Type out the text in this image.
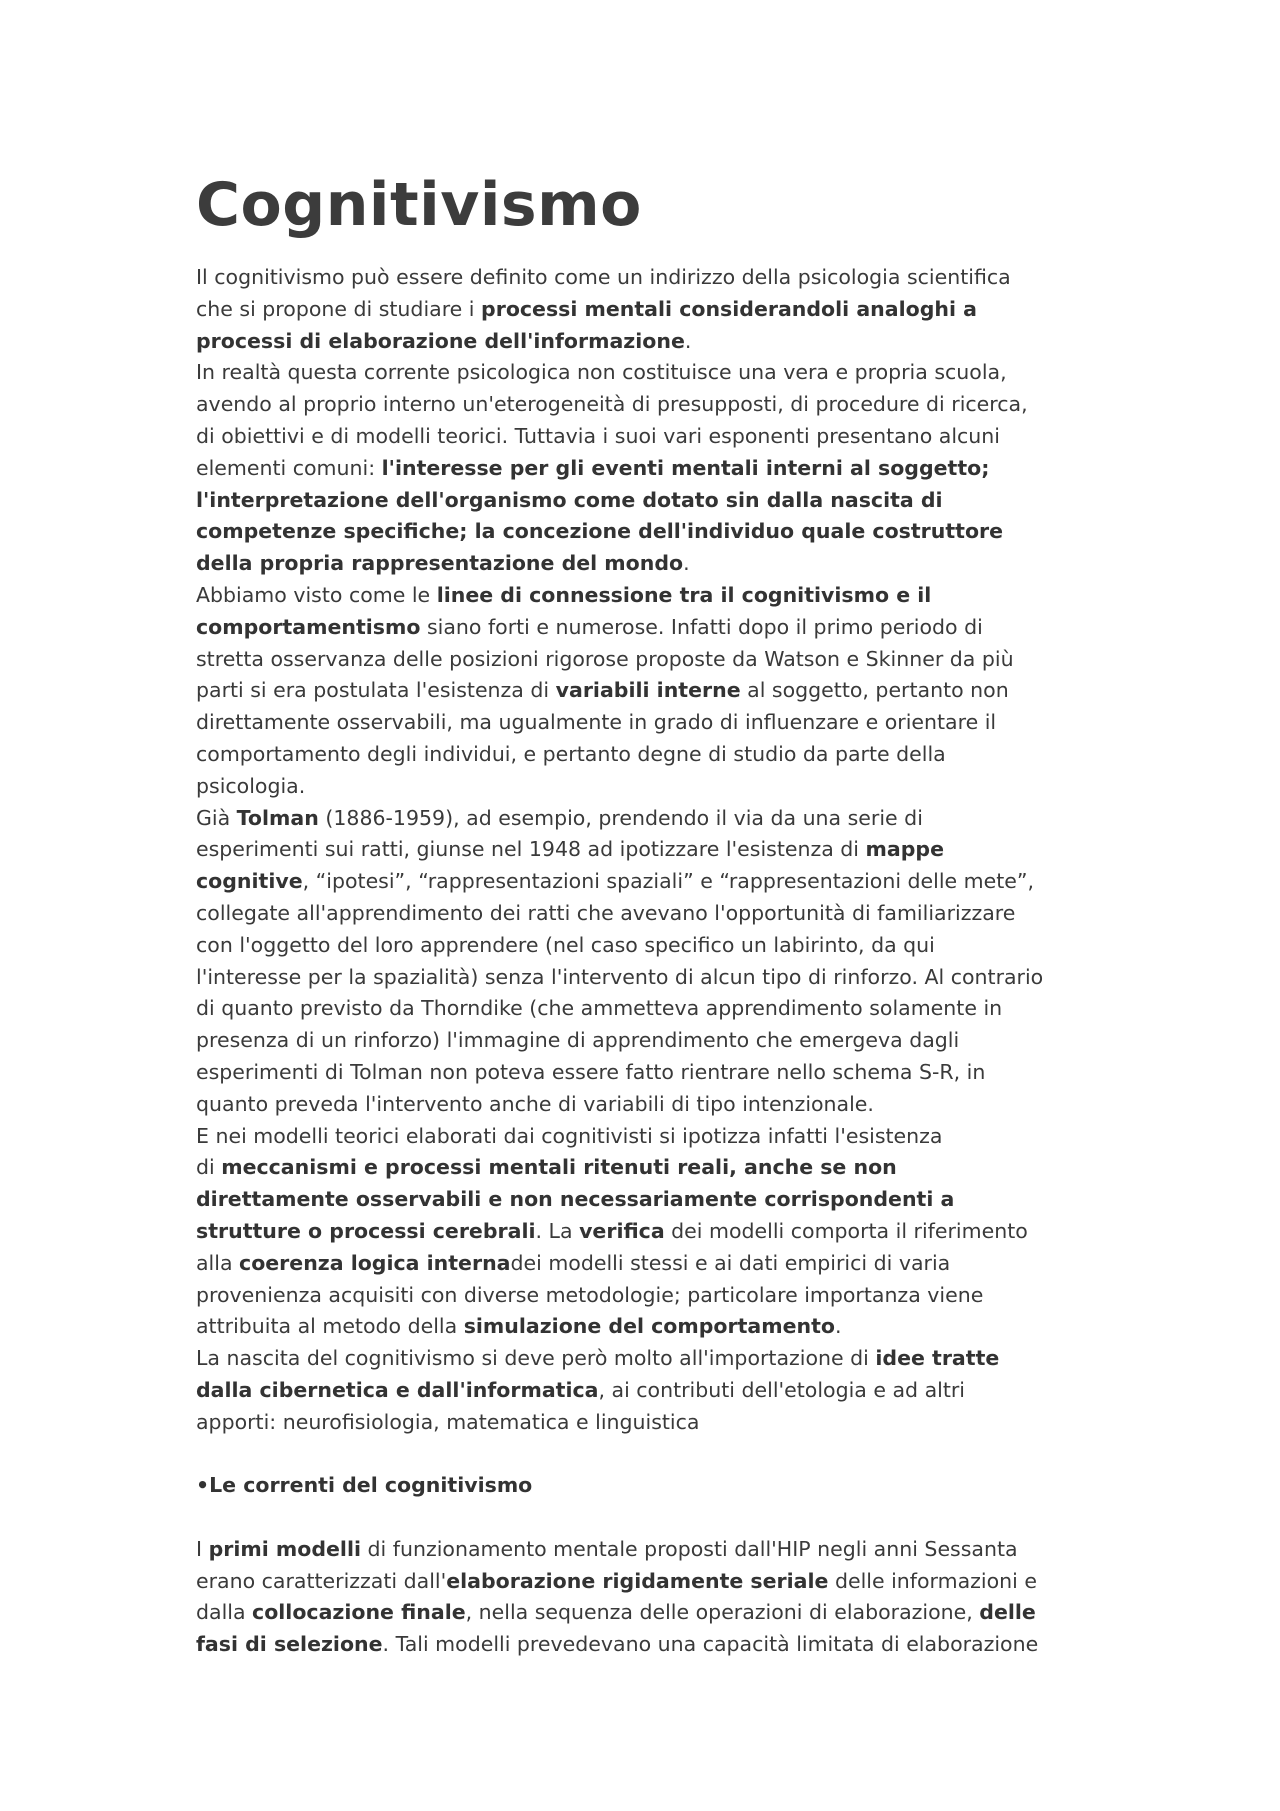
Cognitivismo
Il cognitivismo può essere definito come un indirizzo della psicologia scientifica
che si propone di studiare i processi mentali considerandoli analoghi a
processi di elaborazione dell'informazione.
In realtà questa corrente psicologica non costituisce una vera e propria scuola,
avendo al proprio interno un'eterogeneità di presupposti, di procedure di ricerca,
di obiettivi e di modelli teorici. Tuttavia i suoi vari esponenti presentano alcuni
elementi comuni: l'interesse per gli eventi mentali interni al soggetto;
l'interpretazione dell'organismo come dotato sin dalla nascita di
competenze specifiche; la concezione dell'individuo quale costruttore
della propria rappresentazione del mondo.
Abbiamo visto come le linee di connessione tra il cognitivismo e il
comportamentismo siano forti e numerose. Infatti dopo il primo periodo di
stretta osservanza delle posizioni rigorose proposte da Watson e Skinner da più
parti si era postulata l'esistenza di variabili interne al soggetto, pertanto non
direttamente osservabili, ma ugualmente in grado di influenzare e orientare il
comportamento degli individui, e pertanto degne di studio da parte della
psicologia.
Già Tolman (1886-1959), ad esempio, prendendo il via da una serie di
esperimenti sui ratti, giunse nel 1948 ad ipotizzare l'esistenza di mappe
cognitive, “ipotesi”, “rappresentazioni spaziali” e “rappresentazioni delle mete”,
collegate all'apprendimento dei ratti che avevano l'opportunità di familiarizzare
con l'oggetto del loro apprendere (nel caso specifico un labirinto, da qui
l'interesse per la spazialità) senza l'intervento di alcun tipo di rinforzo. Al contrario
di quanto previsto da Thorndike (che ammetteva apprendimento solamente in
presenza di un rinforzo) l'immagine di apprendimento che emergeva dagli
esperimenti di Tolman non poteva essere fatto rientrare nello schema S-R, in
quanto preveda l'intervento anche di variabili di tipo intenzionale.
E nei modelli teorici elaborati dai cognitivisti si ipotizza infatti l'esistenza
di meccanismi e processi mentali ritenuti reali, anche se non
direttamente osservabili e non necessariamente corrispondenti a
strutture o processi cerebrali. La verifica dei modelli comporta il riferimento
alla coerenza logica internadei modelli stessi e ai dati empirici di varia
provenienza acquisiti con diverse metodologie; particolare importanza viene
attribuita al metodo della simulazione del comportamento.
La nascita del cognitivismo si deve però molto all'importazione di idee tratte
dalla cibernetica e dall'informatica, ai contributi dell'etologia e ad altri
apporti: neurofisiologia, matematica e linguistica
•Le correnti del cognitivismo
I primi modelli di funzionamento mentale proposti dall'HIP negli anni Sessanta
erano caratterizzati dall'elaborazione rigidamente seriale delle informazioni e
dalla collocazione finale, nella sequenza delle operazioni di elaborazione, delle
fasi di selezione. Tali modelli prevedevano una capacità limitata di elaborazione
